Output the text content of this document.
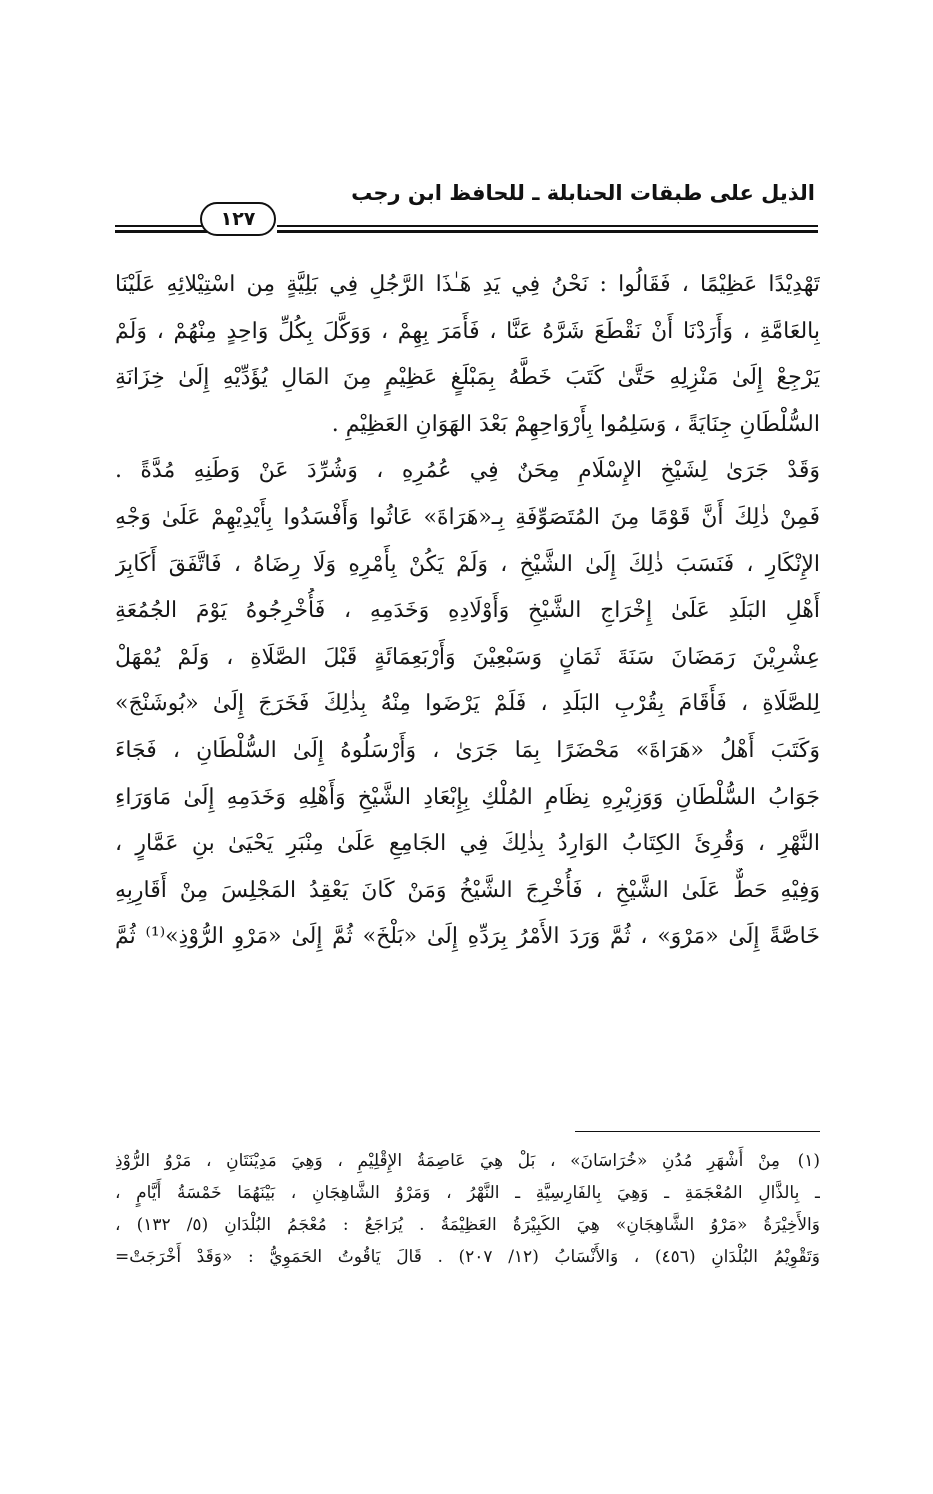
الذيل على طبقات الحنابلة ـ للحافظ ابن رجب
١٢٧
تَهْدِيْدًا عَظِيْمًا ، فَقَالُوا : نَحْنُ فِي يَدِ هَـٰذَا الرَّجُلِ فِي بَلِيَّةٍ مِن اسْتِيْلائِهِ عَلَيْنَا
بِالعَامَّةِ ، وَأَرَدْنَا أَنْ نَقْطَعَ شَرَّهُ عَنَّا ، فَأَمَرَ بِهِمْ ، وَوَكَّلَ بِكُلِّ وَاحِدٍ مِنْهُمْ ، وَلَمْ
يَرْجِعْ إِلَىٰ مَنْزِلِهِ حَتَّىٰ كَتَبَ خَطَّهُ بِمَبْلَغٍ عَظِيْمٍ مِنَ المَالِ يُؤَدِّيْهِ إِلَىٰ خِزَانَةِ
السُّلْطَانِ جِنَايَةً ، وَسَلِمُوا بِأَرْوَاحِهِمْ بَعْدَ الهَوَانِ العَظِيْمِ .
وَقَدْ جَرَىٰ لِشَيْخِ الإِسْلَامِ مِحَنٌ فِي عُمُرِهِ ، وَشُرِّدَ عَنْ وَطَنِهِ مُدَّةً .
فَمِنْ ذٰلِكَ أَنَّ قَوْمًا مِنَ المُتَصَوِّفَةِ بِـ«هَرَاةَ» عَاثُوا وَأَفْسَدُوا بِأَيْدِيْهِمْ عَلَىٰ وَجْهِ
الإِنْكَارِ ، فَنَسَبَ ذٰلِكَ إِلَىٰ الشَّيْخِ ، وَلَمْ يَكُنْ بِأَمْرِهِ وَلَا رِضَاهُ ، فَاتَّفَقَ أَكَابِرَ
أَهْلِ البَلَدِ عَلَىٰ إِخْرَاجِ الشَّيْخِ وَأَوْلَادِهِ وَخَدَمِهِ ، فَأُخْرِجُوهُ يَوْمَ الجُمُعَةِ
عِشْرِيْنَ رَمَضَانَ سَنَةَ ثَمَانٍ وَسَبْعِيْنَ وَأَرْبَعِمَائَةٍ قَبْلَ الصَّلَاةِ ، وَلَمْ يُمْهَلْ
لِلصَّلَاةِ ، فَأَقَامَ بِقُرْبِ البَلَدِ ، فَلَمْ يَرْضَوا مِنْهُ بِذٰلِكَ فَخَرَجَ إِلَىٰ «بُوشَنْجَ»
وَكَتَبَ أَهْلُ «هَرَاةَ» مَحْضَرًا بِمَا جَرَىٰ ، وَأَرْسَلُوهُ إِلَىٰ السُّلْطَانِ ، فَجَاءَ
جَوَابُ السُّلْطَانِ وَوَزِيْرِهِ نِظَامِ المُلْكِ بِإِبْعَادِ الشَّيْخِ وَأَهْلِهِ وَخَدَمِهِ إِلَىٰ مَاوَرَاءِ
النَّهْرِ ، وَقُرِئَ الكِتَابُ الوَارِدُ بِذٰلِكَ فِي الجَامِعِ عَلَىٰ مِنْبَرِ يَحْيَىٰ بنِ عَمَّارٍ ،
وَفِيْهِ حَطٌّ عَلَىٰ الشَّيْخِ ، فَأُخْرِجَ الشَّيْخُ وَمَنْ كَانَ يَعْقِدُ المَجْلِسَ مِنْ أَقَارِبِهِ
خَاصَّةً إِلَىٰ «مَرْوَ» ، ثُمَّ وَرَدَ الأَمْرُ بِرَدِّهِ إِلَىٰ «بَلْخَ» ثُمَّ إِلَىٰ «مَرْوِ الرُّوْذِ»⁽¹⁾ ثُمَّ
(١)
مِنْ أَشْهَرِ مُدُنِ «خُرَاسَانَ» ، بَلْ هِيَ عَاصِمَةُ الإِقْلِيْمِ ، وَهِيَ مَدِيْنَتَانِ ، مَرْوُ الرُّوْذِ
ـ بِالذَّالِ المُعْجَمَةِ ـ وَهِيَ بِالفَارِسِيَّةِ ـ النَّهْرُ ، وَمَرْوُ الشَّاهِجَانِ ، بَيْنَهُمَا خَمْسَةُ أَيَّامٍ ،
وَالأَخِيْرَةُ «مَرْوُ الشَّاهِجَانِ» هِيَ الكَبِيْرَةُ العَظِيْمَةُ . يُرَاجَعُ : مُعْجَمُ البُلْدَانِ (٥/ ١٣٢) ،
وَتَقْوِيْمُ البُلْدَانِ (٤٥٦) ، وَالأَنْسَابُ (١٢/ ٢٠٧) . قَالَ يَاقُوتُ الحَمَوِيُّ : «وَقَدْ أَخْرَجَتْ=
